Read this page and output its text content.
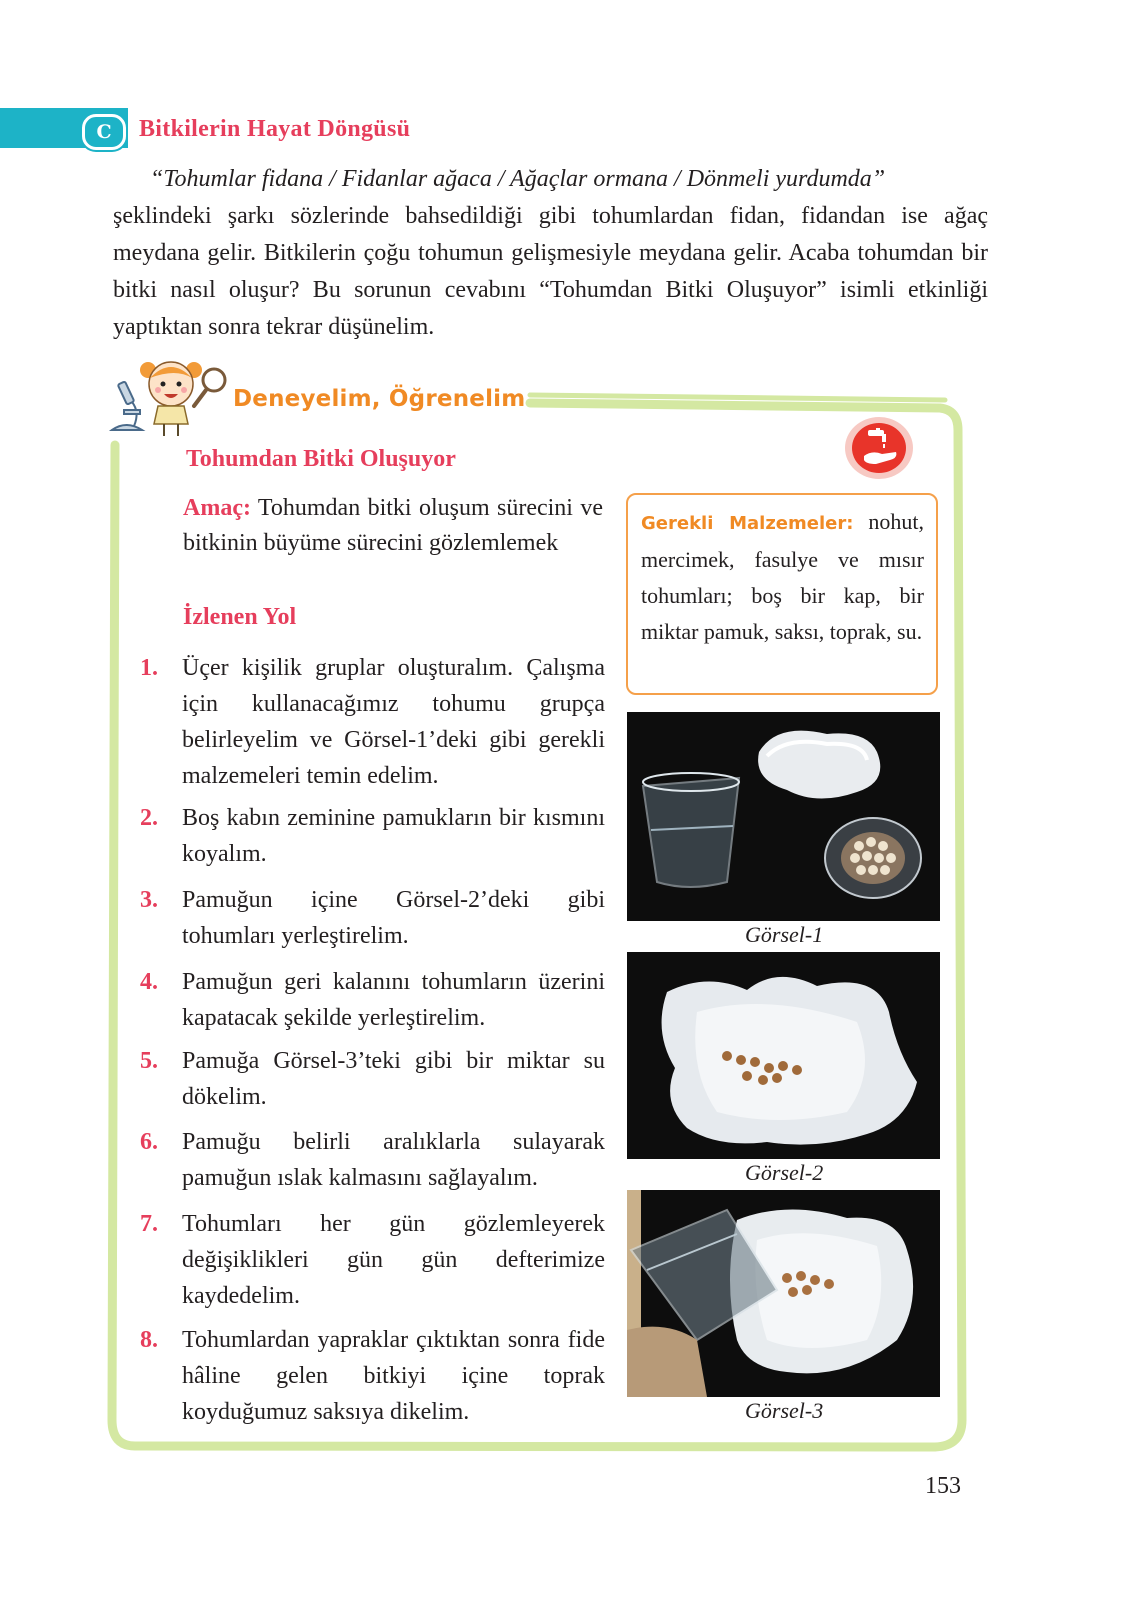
C	Bitkilerin Hayat Döngüsü
“Tohumlar fidana / Fidanlar ağaca / Ağaçlar ormana / Dönmeli yurdumda”
şeklindeki şarkı sözlerinde bahsedildiği gibi tohumlardan fidan, fidandan ise ağaç meydana gelir. Bitkilerin çoğu tohumun gelişmesiyle meydana gelir. Acaba tohumdan bir bitki nasıl oluşur? Bu sorunun cevabını “Tohumdan Bitki Oluşuyor” isimli etkinliği yaptıktan sonra tekrar düşünelim.
Deneyelim, Öğrenelim
Tohumdan Bitki Oluşuyor
Amaç: Tohumdan bitki oluşum sürecini ve bitkinin büyüme sürecini gözlemlemek
İzlenen Yol
1.	Üçer kişilik gruplar oluşturalım. Çalışma için kullanacağımız tohumu grupça belirleyelim ve Görsel-1’deki gibi gerekli malzemeleri temin edelim.
2.	Boş kabın zeminine pamukların bir kısmını koyalım.
3.	Pamuğun içine Görsel-2’deki gibi tohumları yerleştirelim.
4.	Pamuğun geri kalanını tohumların üzerini kapatacak şekilde yerleştirelim.
5.	Pamuğa Görsel-3’teki gibi bir miktar su dökelim.
6.	Pamuğu belirli aralıklarla sulayarak pamuğun ıslak kalmasını sağlayalım.
7.	Tohumları her gün gözlemleyerek değişiklikleri gün gün defterimize kaydedelim.
8.	Tohumlardan yapraklar çıktıktan sonra fide hâline gelen bitkiyi içine toprak koyduğumuz saksıya dikelim.
Gerekli Malzemeler: nohut, mercimek, fasulye ve mısır tohumları; boş bir kap, bir miktar pamuk, saksı, toprak, su.
Görsel-1
Görsel-2
Görsel-3
153
